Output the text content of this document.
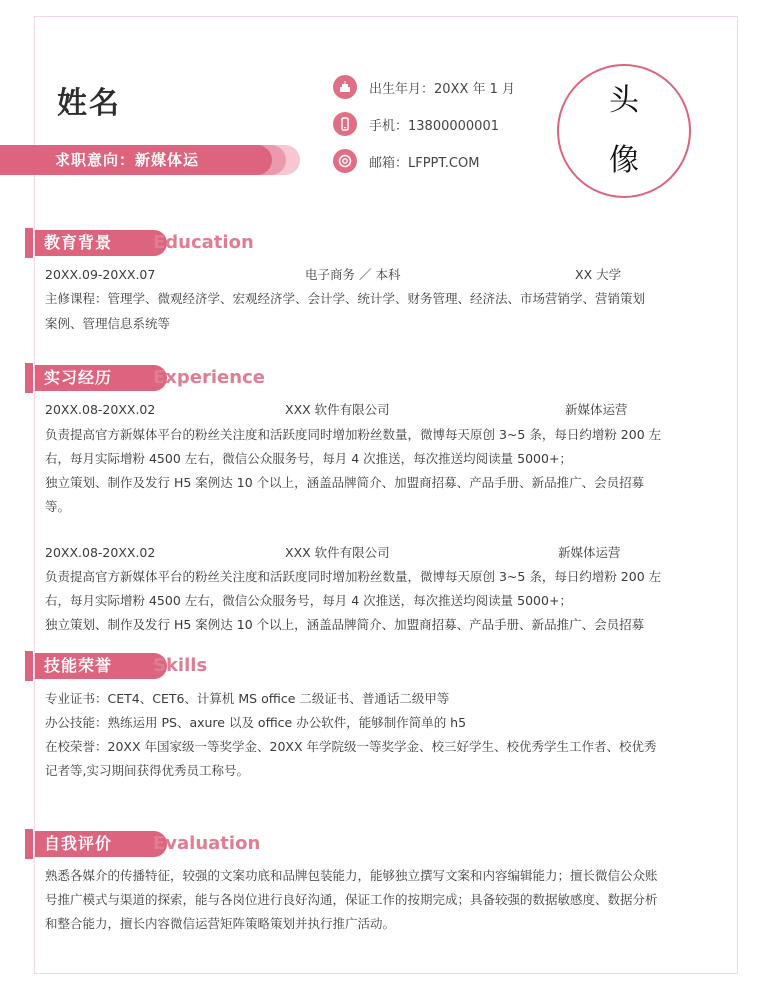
姓名
求职意向：新媒体运
出生年月：20XX 年 1 月
手机：13800000001
邮箱：LFPPT.COM
头
像
教育背景	Education
20XX.09-20XX.07	电子商务 ／ 本科	XX 大学
主修课程：管理学、微观经济学、宏观经济学、会计学、统计学、财务管理、经济法、市场营销学、营销策划
案例、管理信息系统等
实习经历	Experience
20XX.08-20XX.02	XXX 软件有限公司	新媒体运营
负责提高官方新媒体平台的粉丝关注度和活跃度同时增加粉丝数量，微博每天原创 3~5 条，每日约增粉 200 左
右，每月实际增粉 4500 左右，微信公众服务号，每月 4 次推送，每次推送均阅读量 5000+；
独立策划、制作及发行 H5 案例达 10 个以上，涵盖品牌简介、加盟商招募、产品手册、新品推广、会员招募
等。
20XX.08-20XX.02	XXX 软件有限公司	新媒体运营
负责提高官方新媒体平台的粉丝关注度和活跃度同时增加粉丝数量，微博每天原创 3~5 条，每日约增粉 200 左
右，每月实际增粉 4500 左右，微信公众服务号，每月 4 次推送，每次推送均阅读量 5000+；
独立策划、制作及发行 H5 案例达 10 个以上，涵盖品牌简介、加盟商招募、产品手册、新品推广、会员招募
技能荣誉	Skills
专业证书：CET4、CET6、计算机 MS office 二级证书、普通话二级甲等
办公技能：熟练运用 PS、axure 以及 office 办公软件，能够制作简单的 h5
在校荣誉：20XX 年国家级一等奖学金、20XX 年学院级一等奖学金、校三好学生、校优秀学生工作者、校优秀
记者等,实习期间获得优秀员工称号。
自我评价	Evaluation
熟悉各媒介的传播特征，较强的文案功底和品牌包装能力，能够独立撰写文案和内容编辑能力；擅长微信公众账
号推广模式与渠道的探索，能与各岗位进行良好沟通，保证工作的按期完成；具备较强的数据敏感度、数据分析
和整合能力，擅长内容微信运营矩阵策略策划并执行推广活动。
